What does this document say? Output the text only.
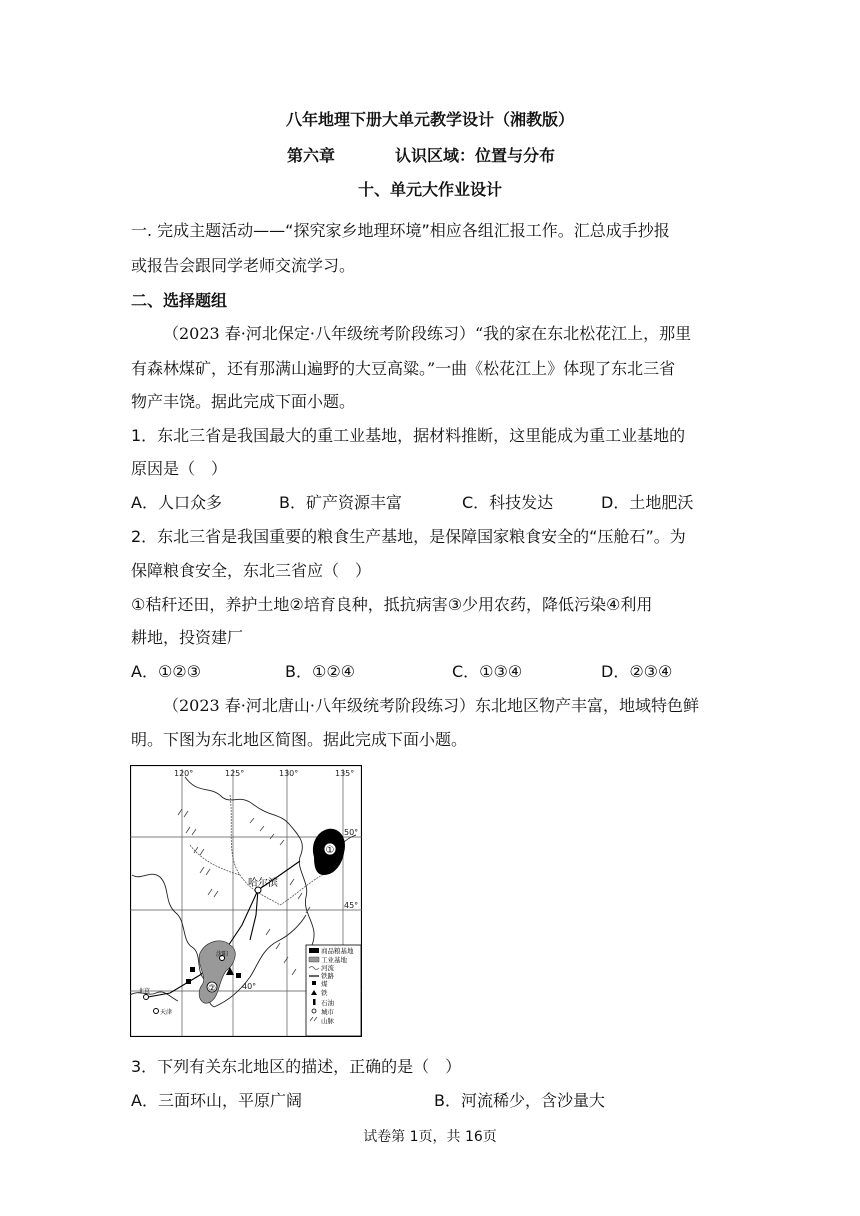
八年地理下册大单元教学设计（湘教版）
第六章	认识区域：位置与分布
十、单元大作业设计
一. 完成主题活动——“探究家乡地理环境”相应各组汇报工作。汇总成手抄报
或报告会跟同学老师交流学习。
二、选择题组
（2023 春·河北保定·八年级统考阶段练习）“我的家在东北松花江上，那里
有森林煤矿，还有那满山遍野的大豆高粱。”一曲《松花江上》体现了东北三省
物产丰饶。据此完成下面小题。
1．东北三省是我国最大的重工业基地，据材料推断，这里能成为重工业基地的
原因是（　）
A．人口众多	B．矿产资源丰富	C．科技发达	D．土地肥沃
2．东北三省是我国重要的粮食生产基地，是保障国家粮食安全的“压舱石”。为
保障粮食安全，东北三省应（　）
①秸秆还田，养护土地②培育良种，抵抗病害③少用农药，降低污染④利用
耕地，投资建厂
A．①②③	B．①②④	C．①③④	D．②③④
（2023 春·河北唐山·八年级统考阶段练习）东北地区物产丰富，地域特色鲜
明。下图为东北地区简图。据此完成下面小题。
①
②
哈尔滨
沈阳
北京
天津
120°	125°	130°	135°
50°
45°
40°
商品粮基地
工业基地
河流
铁路
煤
铁
石油
城市
山脉
3．下列有关东北地区的描述，正确的是（　）
A．三面环山，平原广阔	B．河流稀少，含沙量大
试卷第 1页，共 16页
